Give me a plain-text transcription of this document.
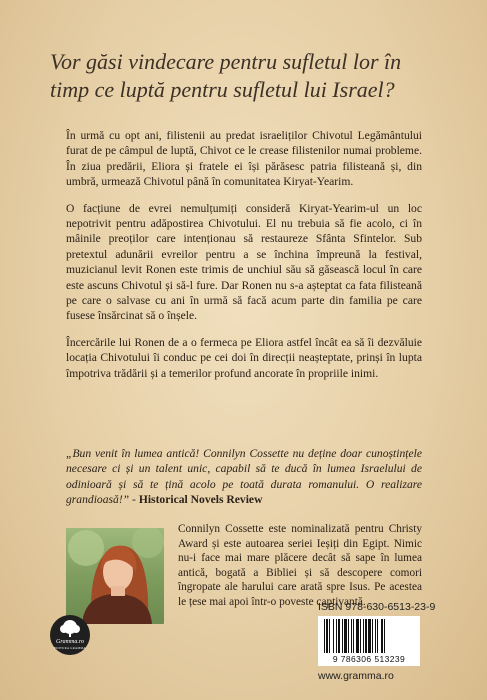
Vor găsi vindecare pentru sufletul lor în timp ce luptă pentru sufletul lui Israel?

În urmă cu opt ani, filistenii au predat israeliților Chivotul Legământului furat de pe câmpul de luptă, Chivot ce le crease filistenilor numai probleme. În ziua predării, Eliora și fratele ei își părăsesc patria filisteană și, din umbră, urmează Chivotul până în comunitatea Kiryat-Yearim.

O facțiune de evrei nemulțumiți consideră Kiryat-Yearim-ul un loc nepotrivit pentru adăpostirea Chivotului. El nu trebuia să fie acolo, ci în mâinile preoților care intenționau să restaureze Sfânta Sfintelor. Sub pretextul adunării evreilor pentru a se închina împreună la festival, muzicianul levit Ronen este trimis de unchiul său să găsească locul în care este ascuns Chivotul și să-l fure. Dar Ronen nu s-a așteptat ca fata filisteană pe care o salvase cu ani în urmă să facă acum parte din familia pe care fusese însărcinat să o înșele.

Încercările lui Ronen de a o fermeca pe Eliora astfel încât ea să îi dezvăluie locația Chivotului îi conduc pe cei doi în direcții neașteptate, prinși în lupta împotriva trădării și a temerilor profund ancorate în propriile inimi.

„Bun venit în lumea antică! Connilyn Cossette nu deține doar cunoștințele necesare ci și un talent unic, capabil să te ducă în lumea Israelului de odinioară și să te țină acolo pe toată durata romanului. O realizare grandioasă!” - Historical Novels Review
Connilyn Cossette este nominalizată pentru Christy Award și este autoarea seriei Ieșiți din Egipt. Nimic nu-i face mai mare plăcere decât să sape în lumea antică, bogată a Bibliei și să descopere comori îngropate ale harului care arată spre Isus. Pe acestea le țese mai apoi într-o poveste captivantă.
Gramma.ro
EDITURA GRAMMA
ISBN 978-630-6513-23-9
9 786306 513239
www.gramma.ro
